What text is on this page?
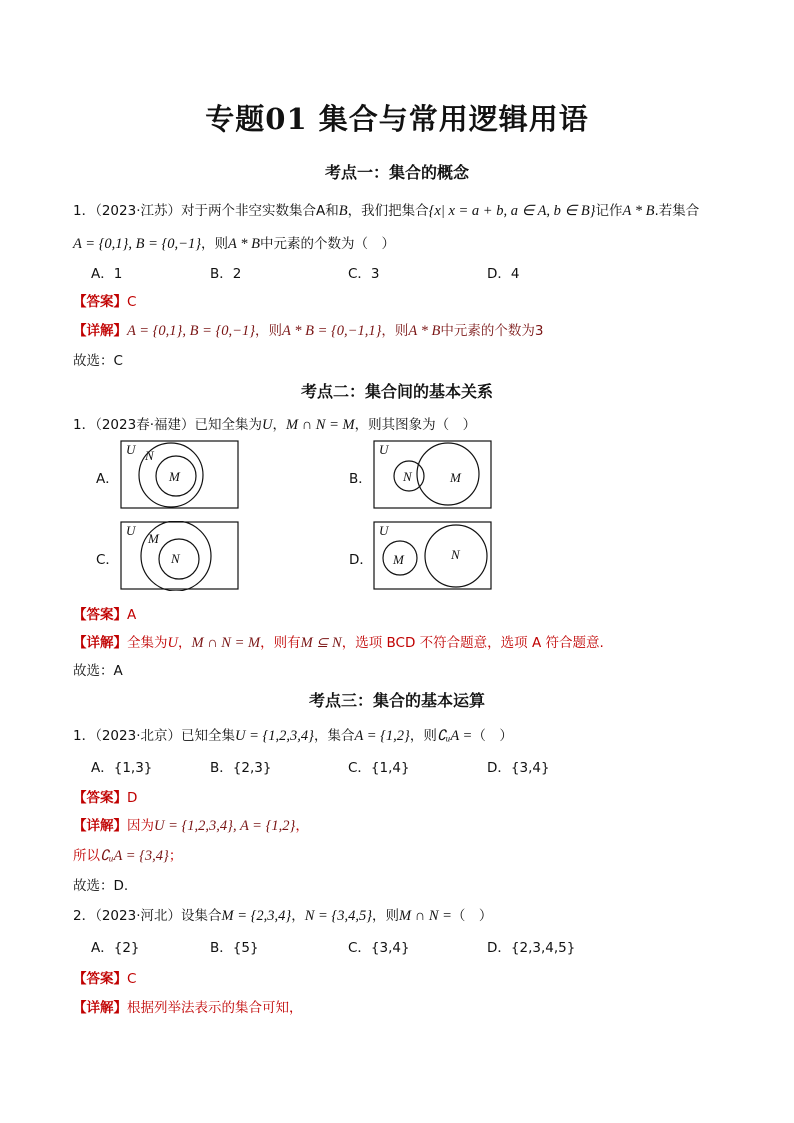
专题01 集合与常用逻辑用语
考点一：集合的概念
1．（2023·江苏）对于两个非空实数集合A和B，我们把集合{x| x = a + b, a ∈ A, b ∈ B}记作A * B.若集合
A = {0,1}, B = {0,−1}，则A * B中元素的个数为（　）
A．1	B．2	C．3	D．4
【答案】C
【详解】A = {0,1}, B = {0,−1}，则A * B = {0,−1,1}，则A * B中元素的个数为3
故选：C
考点二：集合间的基本关系
1．（2023春·福建）已知全集为U，M ∩ N = M，则其图象为（　）
A．	B．
C．	D．
U N
M
U
N	M
U
M
N
U
M	N
【答案】A
【详解】全集为U，M ∩ N = M，则有M ⊆ N，选项 BCD 不符合题意，选项 A 符合题意.
故选：A
考点三：集合的基本运算
1．（2023·北京）已知全集U = {1,2,3,4}，集合A = {1,2}，则∁ᵤA =（　）
A．{1,3}	B．{2,3}	C．{1,4}	D．{3,4}
【答案】D
【详解】因为U = {1,2,3,4}, A = {1,2}，
所以∁ᵤA = {3,4}；
故选：D.
2．（2023·河北）设集合M = {2,3,4}，N = {3,4,5}，则M ∩ N =（　）
A．{2}	B．{5}	C．{3,4}	D．{2,3,4,5}
【答案】C
【详解】根据列举法表示的集合可知，
